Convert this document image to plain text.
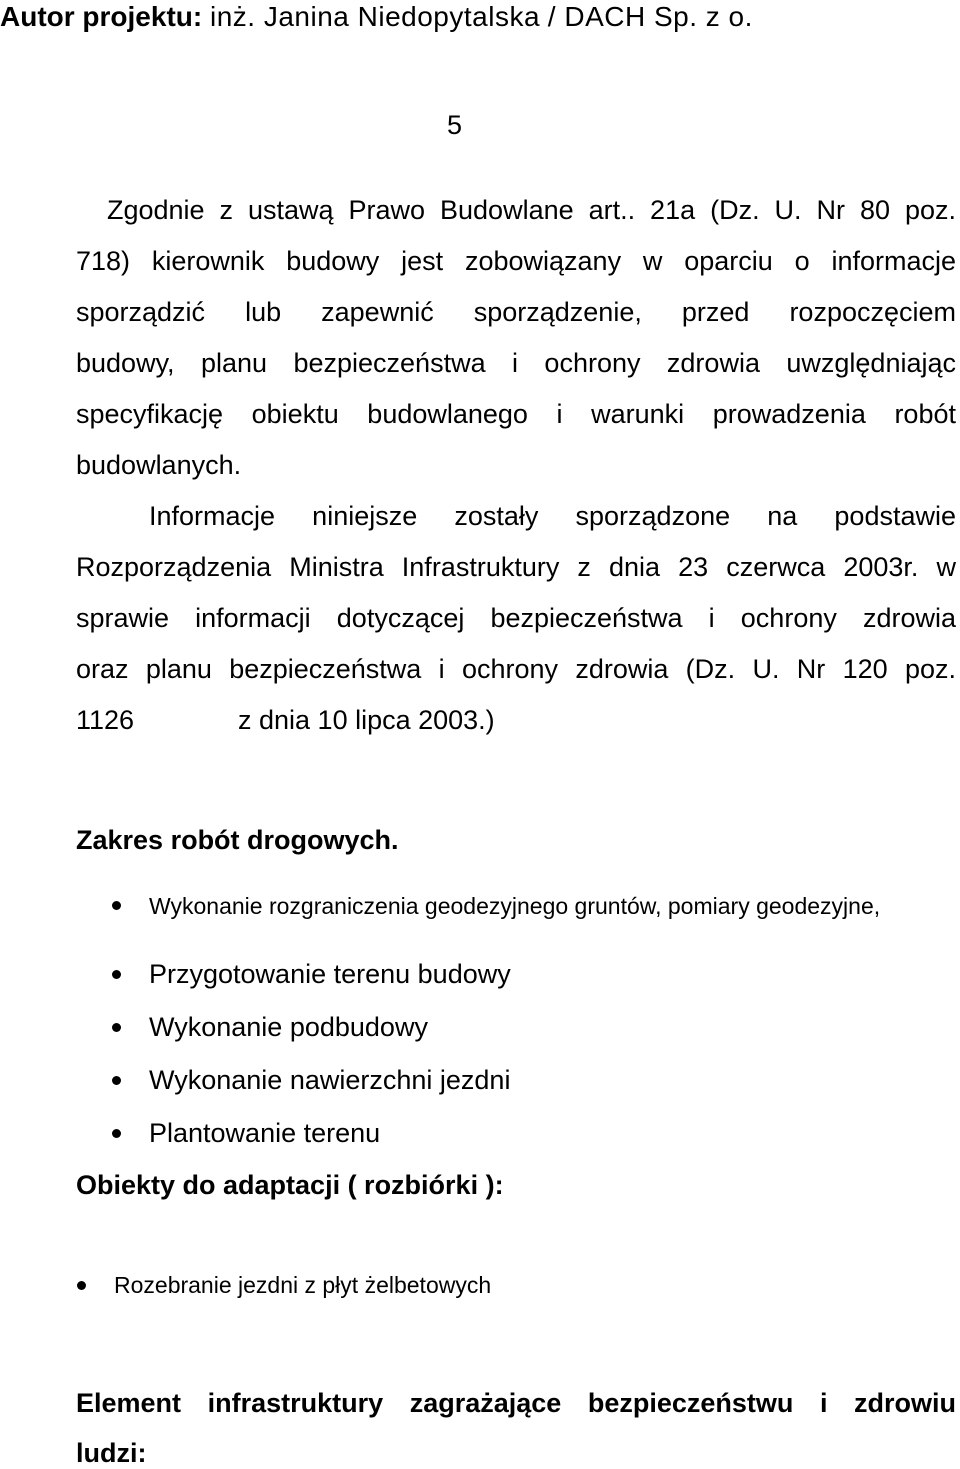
Autor projektu: inż. Janina Niedopytalska / DACH Sp. z o.
5
Zgodnie z ustawą Prawo Budowlane art.. 21a (Dz. U. Nr 80 poz.
718) kierownik budowy jest zobowiązany w oparciu o informacje
sporządzić lub zapewnić sporządzenie, przed rozpoczęciem
budowy, planu bezpieczeństwa i ochrony zdrowia uwzględniając
specyfikację obiektu budowlanego i warunki prowadzenia robót
budowlanych.
Informacje niniejsze zostały sporządzone na podstawie
Rozporządzenia Ministra Infrastruktury z dnia 23 czerwca 2003r. w
sprawie informacji dotyczącej bezpieczeństwa i ochrony zdrowia
oraz planu bezpieczeństwa i ochrony zdrowia (Dz. U. Nr 120 poz.
1126	z dnia 10 lipca 2003.)
Zakres robót drogowych.
Wykonanie rozgraniczenia geodezyjnego gruntów, pomiary geodezyjne,
Przygotowanie terenu budowy
Wykonanie podbudowy
Wykonanie nawierzchni jezdni
Plantowanie terenu
Obiekty do adaptacji ( rozbiórki ):
Rozebranie jezdni z płyt żelbetowych
Element infrastruktury zagrażające bezpieczeństwu i zdrowiu
ludzi:
